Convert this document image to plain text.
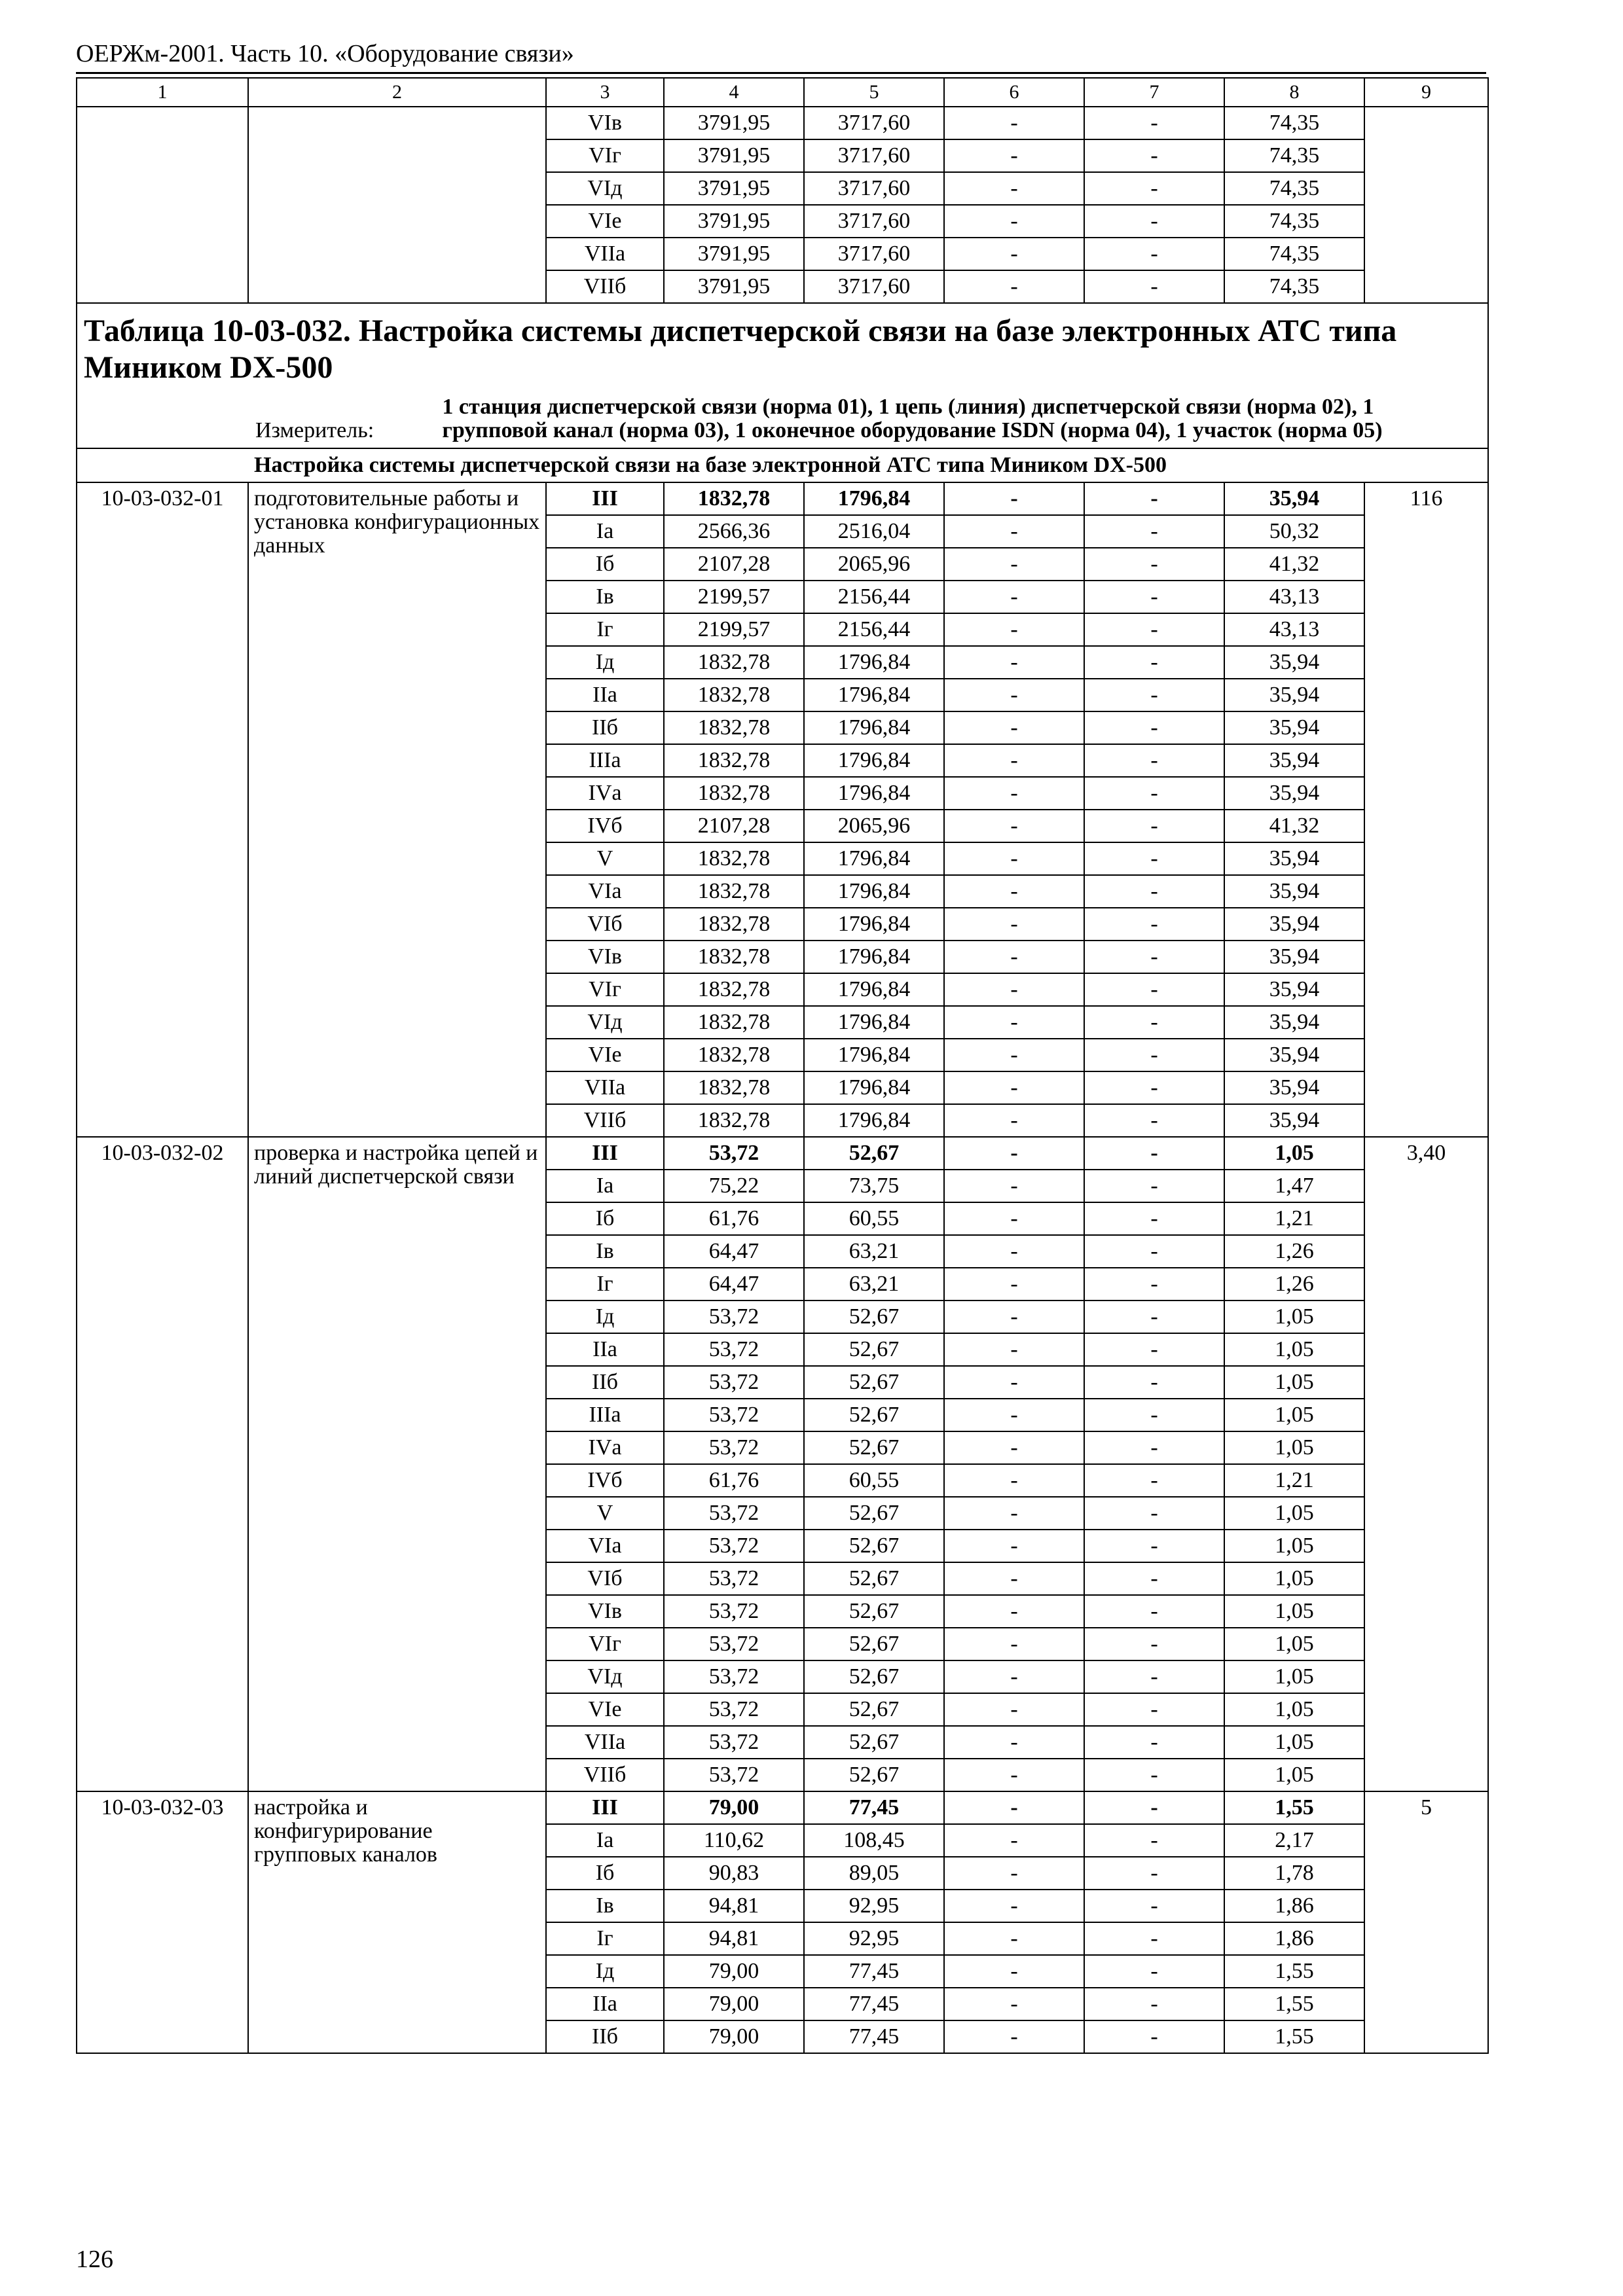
ОЕРЖм-2001. Часть 10. «Оборудование связи»
1	2	3	4	5	6	7	8	9
		VIв	3791,95	3717,60	-	-	74,35	
		VIг	3791,95	3717,60	-	-	74,35	
		VIд	3791,95	3717,60	-	-	74,35	
		VIе	3791,95	3717,60	-	-	74,35	
		VIIа	3791,95	3717,60	-	-	74,35	
		VIIб	3791,95	3717,60	-	-	74,35	

Таблица 10-03-032. Настройка системы диспетчерской связи на базе электронных АТС типа Миником DX-500
Измеритель:
1 станция диспетчерской связи (норма 01), 1 цепь (линия) диспетчерской связи (норма 02), 1 групповой канал (норма 03), 1 оконечное оборудование ISDN (норма 04), 1 участок (норма 05)								

Настройка системы диспетчерской связи на базе электронной АТС типа Миником DX-500								
10-03-032-01	подготовительные работы и установка конфигурационных данных	III	1832,78	1796,84	-	-	35,94	116
		Iа	2566,36	2516,04	-	-	50,32	
		Iб	2107,28	2065,96	-	-	41,32	
		Iв	2199,57	2156,44	-	-	43,13	
		Iг	2199,57	2156,44	-	-	43,13	
		Iд	1832,78	1796,84	-	-	35,94	
		IIа	1832,78	1796,84	-	-	35,94	
		IIб	1832,78	1796,84	-	-	35,94	
		IIIа	1832,78	1796,84	-	-	35,94	
		IVа	1832,78	1796,84	-	-	35,94	
		IVб	2107,28	2065,96	-	-	41,32	
		V	1832,78	1796,84	-	-	35,94	
		VIа	1832,78	1796,84	-	-	35,94	
		VIб	1832,78	1796,84	-	-	35,94	
		VIв	1832,78	1796,84	-	-	35,94	
		VIг	1832,78	1796,84	-	-	35,94	
		VIд	1832,78	1796,84	-	-	35,94	
		VIе	1832,78	1796,84	-	-	35,94	
		VIIа	1832,78	1796,84	-	-	35,94	
		VIIб	1832,78	1796,84	-	-	35,94	
10-03-032-02	проверка и настройка цепей и линий диспетчерской связи	III	53,72	52,67	-	-	1,05	3,40
		Iа	75,22	73,75	-	-	1,47	
		Iб	61,76	60,55	-	-	1,21	
		Iв	64,47	63,21	-	-	1,26	
		Iг	64,47	63,21	-	-	1,26	
		Iд	53,72	52,67	-	-	1,05	
		IIа	53,72	52,67	-	-	1,05	
		IIб	53,72	52,67	-	-	1,05	
		IIIа	53,72	52,67	-	-	1,05	
		IVа	53,72	52,67	-	-	1,05	
		IVб	61,76	60,55	-	-	1,21	
		V	53,72	52,67	-	-	1,05	
		VIа	53,72	52,67	-	-	1,05	
		VIб	53,72	52,67	-	-	1,05	
		VIв	53,72	52,67	-	-	1,05	
		VIг	53,72	52,67	-	-	1,05	
		VIд	53,72	52,67	-	-	1,05	
		VIе	53,72	52,67	-	-	1,05	
		VIIа	53,72	52,67	-	-	1,05	
		VIIб	53,72	52,67	-	-	1,05	
10-03-032-03	настройка и конфигурирование групповых каналов	III	79,00	77,45	-	-	1,55	5
		Iа	110,62	108,45	-	-	2,17	
		Iб	90,83	89,05	-	-	1,78	
		Iв	94,81	92,95	-	-	1,86	
		Iг	94,81	92,95	-	-	1,86	
		Iд	79,00	77,45	-	-	1,55	
		IIа	79,00	77,45	-	-	1,55	
		IIб	79,00	77,45	-	-	1,55	
126
